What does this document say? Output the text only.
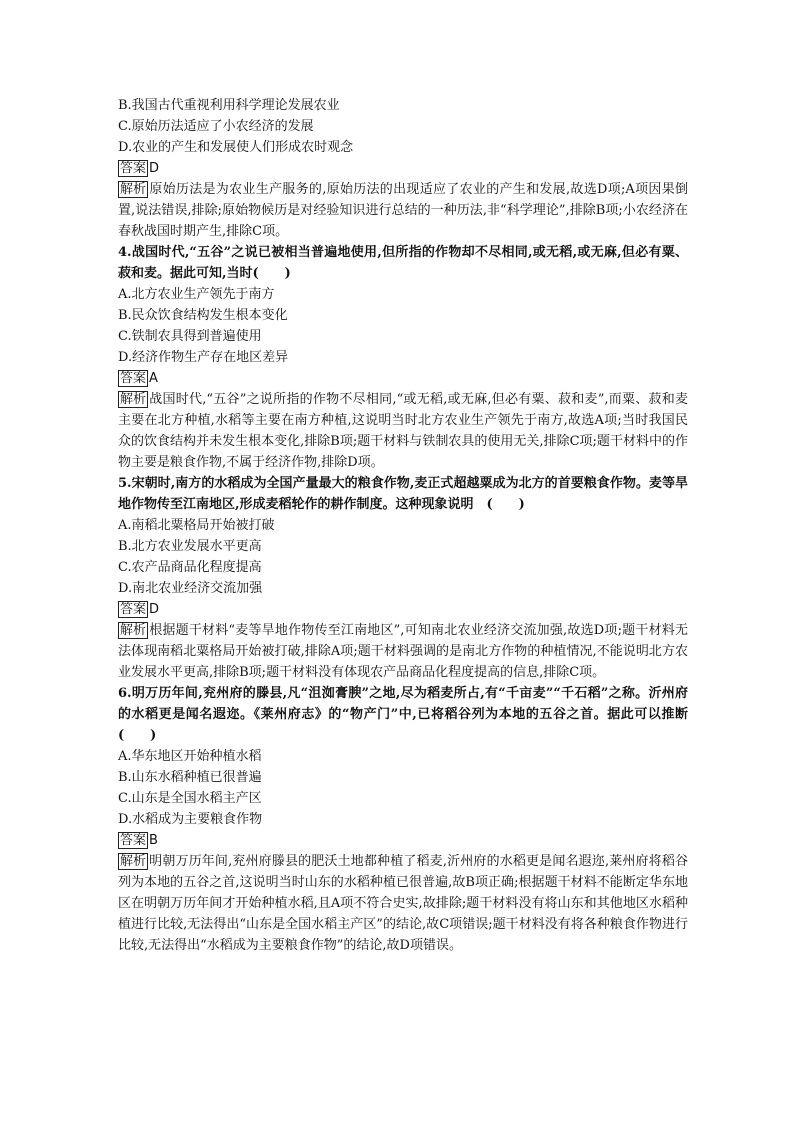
B.我国古代重视利用科学理论发展农业
C.原始历法适应了小农经济的发展
D.农业的产生和发展使人们形成农时观念
答案 D
解析 原始历法是为农业生产服务的,原始历法的出现适应了农业的产生和发展,故选D项;A项因果倒置,说法错误,排除;原始物候历是对经验知识进行总结的一种历法,非“科学理论”,排除B项;小农经济在春秋战国时期产生,排除C项。
4.战国时代,“五谷”之说已被相当普遍地使用,但所指的作物却不尽相同,或无稻,或无麻,但必有粟、菽和麦。据此可知,当时(　　)
A.北方农业生产领先于南方
B.民众饮食结构发生根本变化
C.铁制农具得到普遍使用
D.经济作物生产存在地区差异
答案 A
解析 战国时代,“五谷”之说所指的作物不尽相同,“或无稻,或无麻,但必有粟、菽和麦”,而粟、菽和麦主要在北方种植,水稻等主要在南方种植,这说明当时北方农业生产领先于南方,故选A项;当时我国民众的饮食结构并未发生根本变化,排除B项;题干材料与铁制农具的使用无关,排除C项;题干材料中的作物主要是粮食作物,不属于经济作物,排除D项。
5.宋朝时,南方的水稻成为全国产量最大的粮食作物,麦正式超越粟成为北方的首要粮食作物。麦等旱地作物传至江南地区,形成麦稻轮作的耕作制度。这种现象说明　(　　)
A.南稻北粟格局开始被打破
B.北方农业发展水平更高
C.农产品商品化程度提高
D.南北农业经济交流加强
答案 D
解析 根据题干材料“麦等旱地作物传至江南地区”,可知南北农业经济交流加强,故选D项;题干材料无法体现南稻北粟格局开始被打破,排除A项;题干材料强调的是南北方作物的种植情况,不能说明北方农业发展水平更高,排除B项;题干材料没有体现农产品商品化程度提高的信息,排除C项。
6.明万历年间,兖州府的滕县,凡“沮洳膏腴”之地,尽为稻麦所占,有“千亩麦”“千石稻”之称。沂州府的水稻更是闻名遐迩。《莱州府志》的“物产门”中,已将稻谷列为本地的五谷之首。据此可以推断(　　)
A.华东地区开始种植水稻
B.山东水稻种植已很普遍
C.山东是全国水稻主产区
D.水稻成为主要粮食作物
答案 B
解析 明朝万历年间,兖州府滕县的肥沃土地都种植了稻麦,沂州府的水稻更是闻名遐迩,莱州府将稻谷列为本地的五谷之首,这说明当时山东的水稻种植已很普遍,故B项正确;根据题干材料不能断定华东地区在明朝万历年间才开始种植水稻,且A项不符合史实,故排除;题干材料没有将山东和其他地区水稻种植进行比较,无法得出“山东是全国水稻主产区”的结论,故C项错误;题干材料没有将各种粮食作物进行比较,无法得出“水稻成为主要粮食作物”的结论,故D项错误。
